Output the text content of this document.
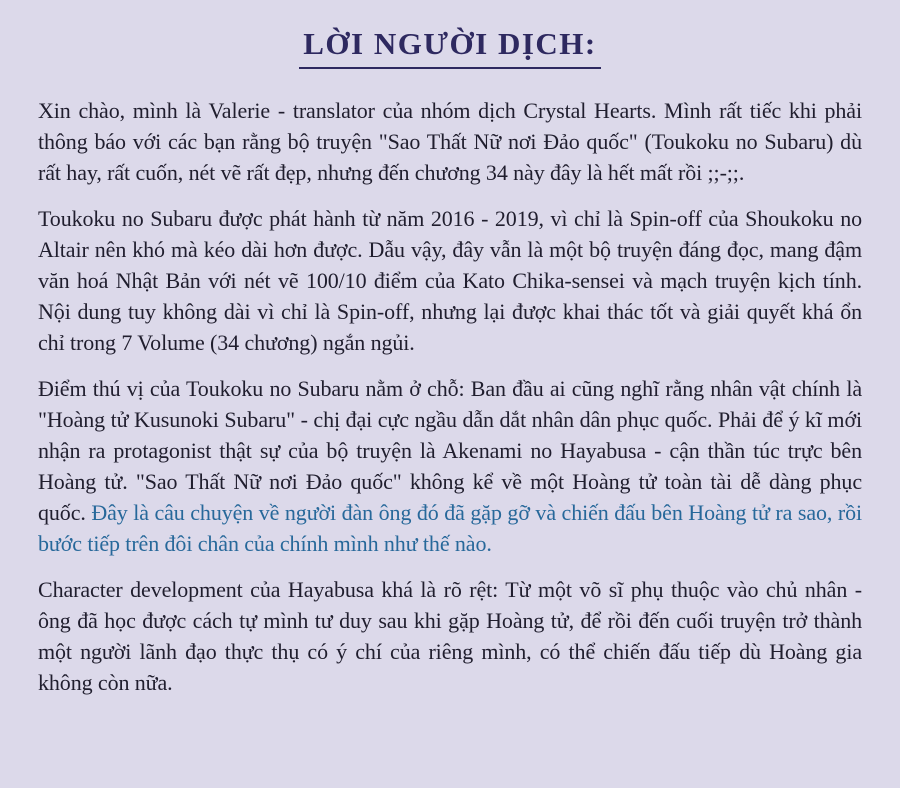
LỜI NGƯỜI DỊCH:

Xin chào, mình là Valerie - translator của nhóm dịch Crystal Hearts. Mình rất tiếc khi phải thông báo với các bạn rằng bộ truyện "Sao Thất Nữ nơi Đảo quốc" (Toukoku no Subaru) dù rất hay, rất cuốn, nét vẽ rất đẹp, nhưng đến chương 34 này đây là hết mất rồi ;;-;;.

Toukoku no Subaru được phát hành từ năm 2016 - 2019, vì chỉ là Spin-off của Shoukoku no Altair nên khó mà kéo dài hơn được. Dẫu vậy, đây vẫn là một bộ truyện đáng đọc, mang đậm văn hoá Nhật Bản với nét vẽ 100/10 điểm của Kato Chika-sensei và mạch truyện kịch tính. Nội dung tuy không dài vì chỉ là Spin-off, nhưng lại được khai thác tốt và giải quyết khá ổn chỉ trong 7 Volume (34 chương) ngắn ngủi.

Điểm thú vị của Toukoku no Subaru nằm ở chỗ: Ban đầu ai cũng nghĩ rằng nhân vật chính là "Hoàng tử Kusunoki Subaru" - chị đại cực ngầu dẫn dắt nhân dân phục quốc. Phải để ý kĩ mới nhận ra protagonist thật sự của bộ truyện là Akenami no Hayabusa - cận thần túc trực bên Hoàng tử. "Sao Thất Nữ nơi Đảo quốc" không kể về một Hoàng tử toàn tài dễ dàng phục quốc. Đây là câu chuyện về người đàn ông đó đã gặp gỡ và chiến đấu bên Hoàng tử ra sao, rồi bước tiếp trên đôi chân của chính mình như thế nào.

Character development của Hayabusa khá là rõ rệt: Từ một võ sĩ phụ thuộc vào chủ nhân - ông đã học được cách tự mình tư duy sau khi gặp Hoàng tử, để rồi đến cuối truyện trở thành một người lãnh đạo thực thụ có ý chí của riêng mình, có thể chiến đấu tiếp dù Hoàng gia không còn nữa.
